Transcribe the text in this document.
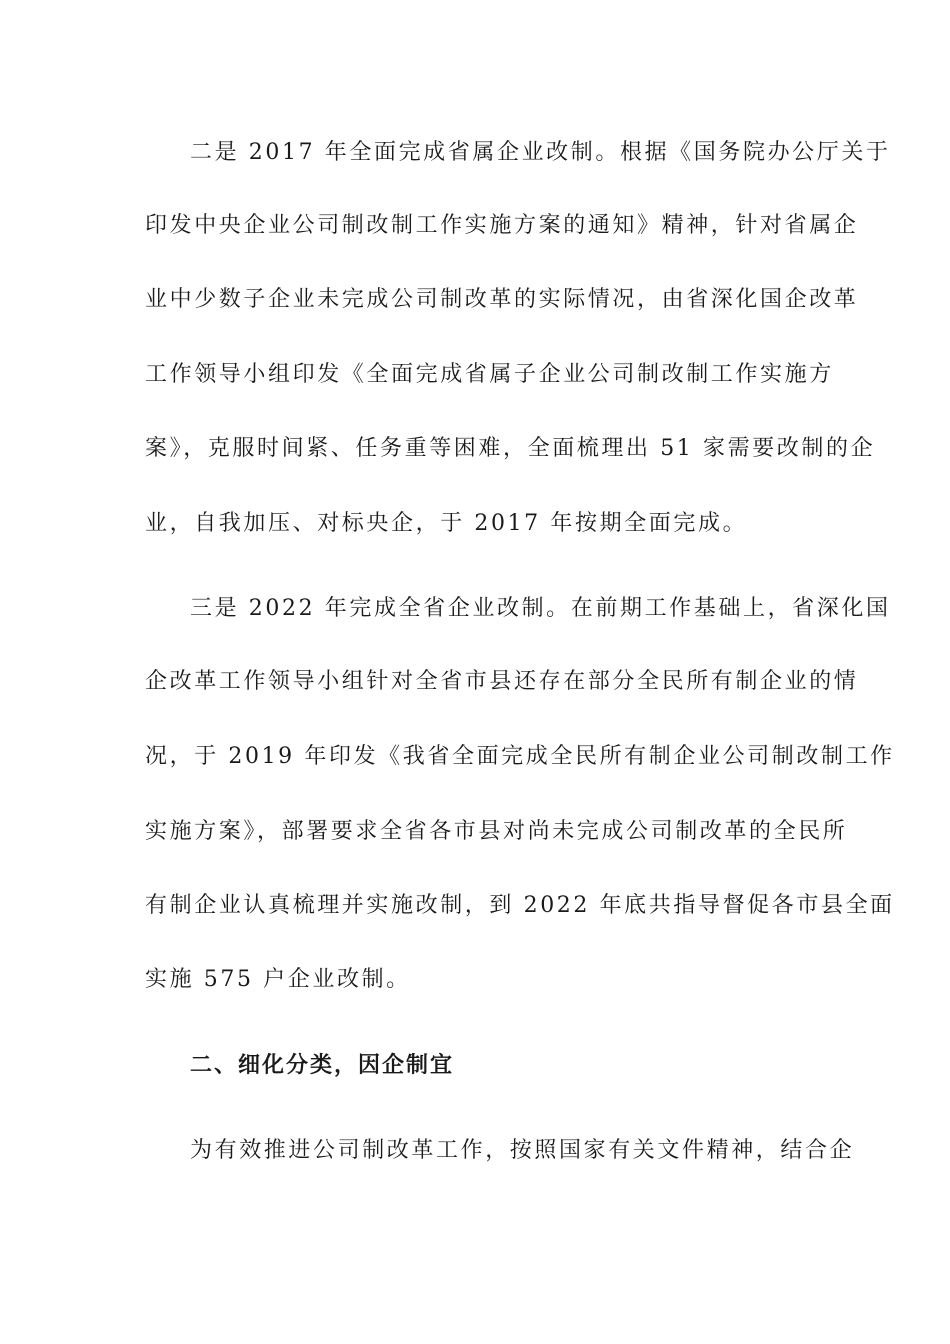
二是 2017 年全面完成省属企业改制。根据《国务院办公厅关于
印发中央企业公司制改制工作实施方案的通知》精神，针对省属企
业中少数子企业未完成公司制改革的实际情况，由省深化国企改革
工作领导小组印发《全面完成省属子企业公司制改制工作实施方
案》，克服时间紧、任务重等困难，全面梳理出 51 家需要改制的企
业，自我加压、对标央企，于 2017 年按期全面完成。
三是 2022 年完成全省企业改制。在前期工作基础上，省深化国
企改革工作领导小组针对全省市县还存在部分全民所有制企业的情
况，于 2019 年印发《我省全面完成全民所有制企业公司制改制工作
实施方案》，部署要求全省各市县对尚未完成公司制改革的全民所
有制企业认真梳理并实施改制，到 2022 年底共指导督促各市县全面
实施 575 户企业改制。
二、细化分类，因企制宜
为有效推进公司制改革工作，按照国家有关文件精神，结合企
